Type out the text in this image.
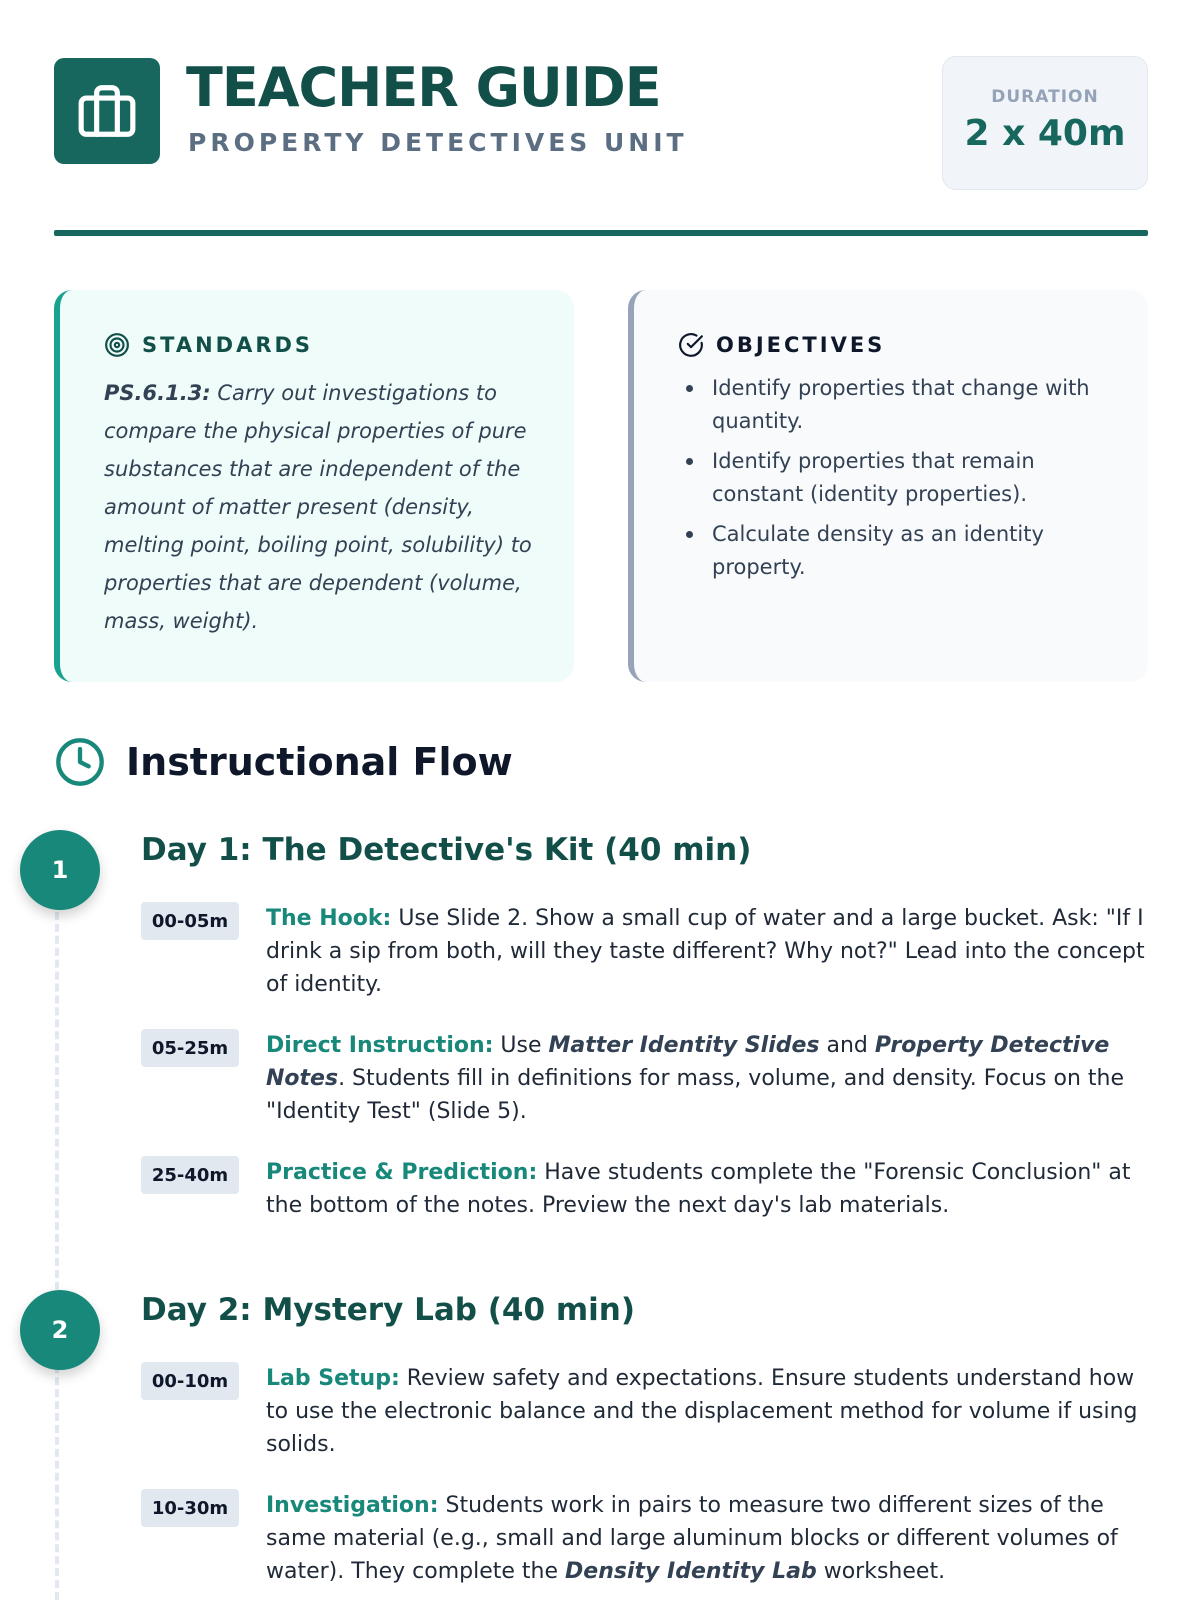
TEACHER GUIDE
PROPERTY DETECTIVES UNIT
DURATION
2 x 40m
STANDARDS

PS.6.1.3: Carry out investigations to compare the physical properties of pure substances that are independent of the amount of matter present (density, melting point, boiling point, solubility) to properties that are dependent (volume, mass, weight).

OBJECTIVES
Identify properties that change with quantity.
Identify properties that remain constant (identity properties).
Calculate density as an identity property.
Instructional Flow
1
Day 1: The Detective's Kit (40 min)
00-05m	The Hook: Use Slide 2. Show a small cup of water and a large bucket. Ask: "If I drink a sip from both, will they taste different? Why not?" Lead into the concept of identity.

05-25m	Direct Instruction: Use Matter Identity Slides and Property Detective Notes. Students fill in definitions for mass, volume, and density. Focus on the "Identity Test" (Slide 5).

25-40m	Practice & Prediction: Have students complete the "Forensic Conclusion" at the bottom of the notes. Preview the next day's lab materials.

2
Day 2: Mystery Lab (40 min)
00-10m	Lab Setup: Review safety and expectations. Ensure students understand how to use the electronic balance and the displacement method for volume if using solids.

10-30m	Investigation: Students work in pairs to measure two different sizes of the same material (e.g., small and large aluminum blocks or different volumes of water). They complete the Density Identity Lab worksheet.
